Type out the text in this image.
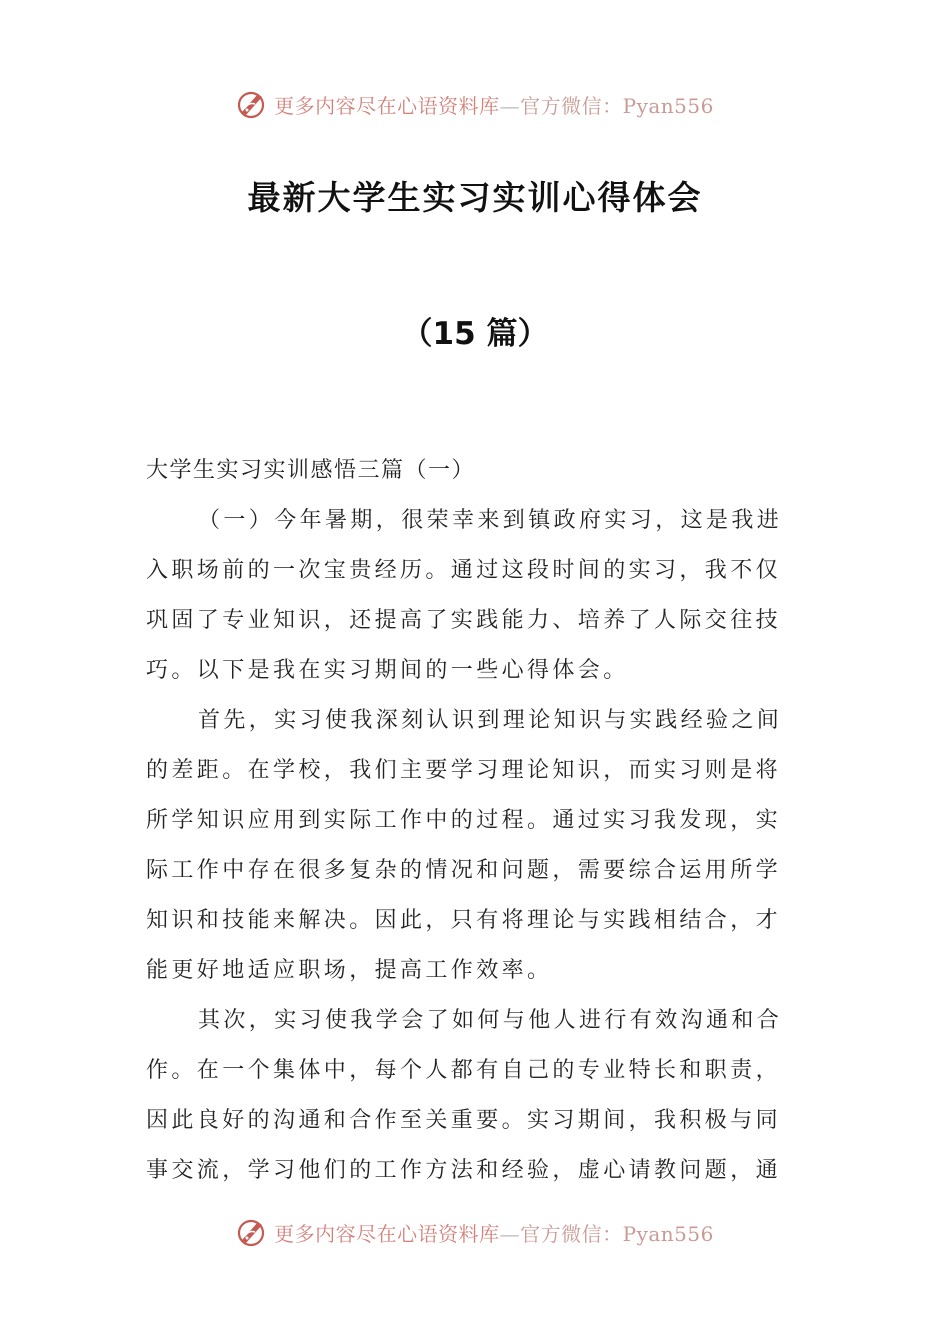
更多内容尽在心语资料库—官方微信：Pyan556
最新大学生实习实训心得体会
（15 篇）
大学生实习实训感悟三篇（一）
（一）今年暑期，很荣幸来到镇政府实习，这是我进
入职场前的一次宝贵经历。通过这段时间的实习，我不仅
巩固了专业知识，还提高了实践能力、培养了人际交往技
巧。以下是我在实习期间的一些心得体会。
首先，实习使我深刻认识到理论知识与实践经验之间
的差距。在学校，我们主要学习理论知识，而实习则是将
所学知识应用到实际工作中的过程。通过实习我发现，实
际工作中存在很多复杂的情况和问题，需要综合运用所学
知识和技能来解决。因此，只有将理论与实践相结合，才
能更好地适应职场，提高工作效率。
其次，实习使我学会了如何与他人进行有效沟通和合
作。在一个集体中，每个人都有自己的专业特长和职责，
因此良好的沟通和合作至关重要。实习期间，我积极与同
事交流，学习他们的工作方法和经验，虚心请教问题，通
更多内容尽在心语资料库—官方微信：Pyan556
